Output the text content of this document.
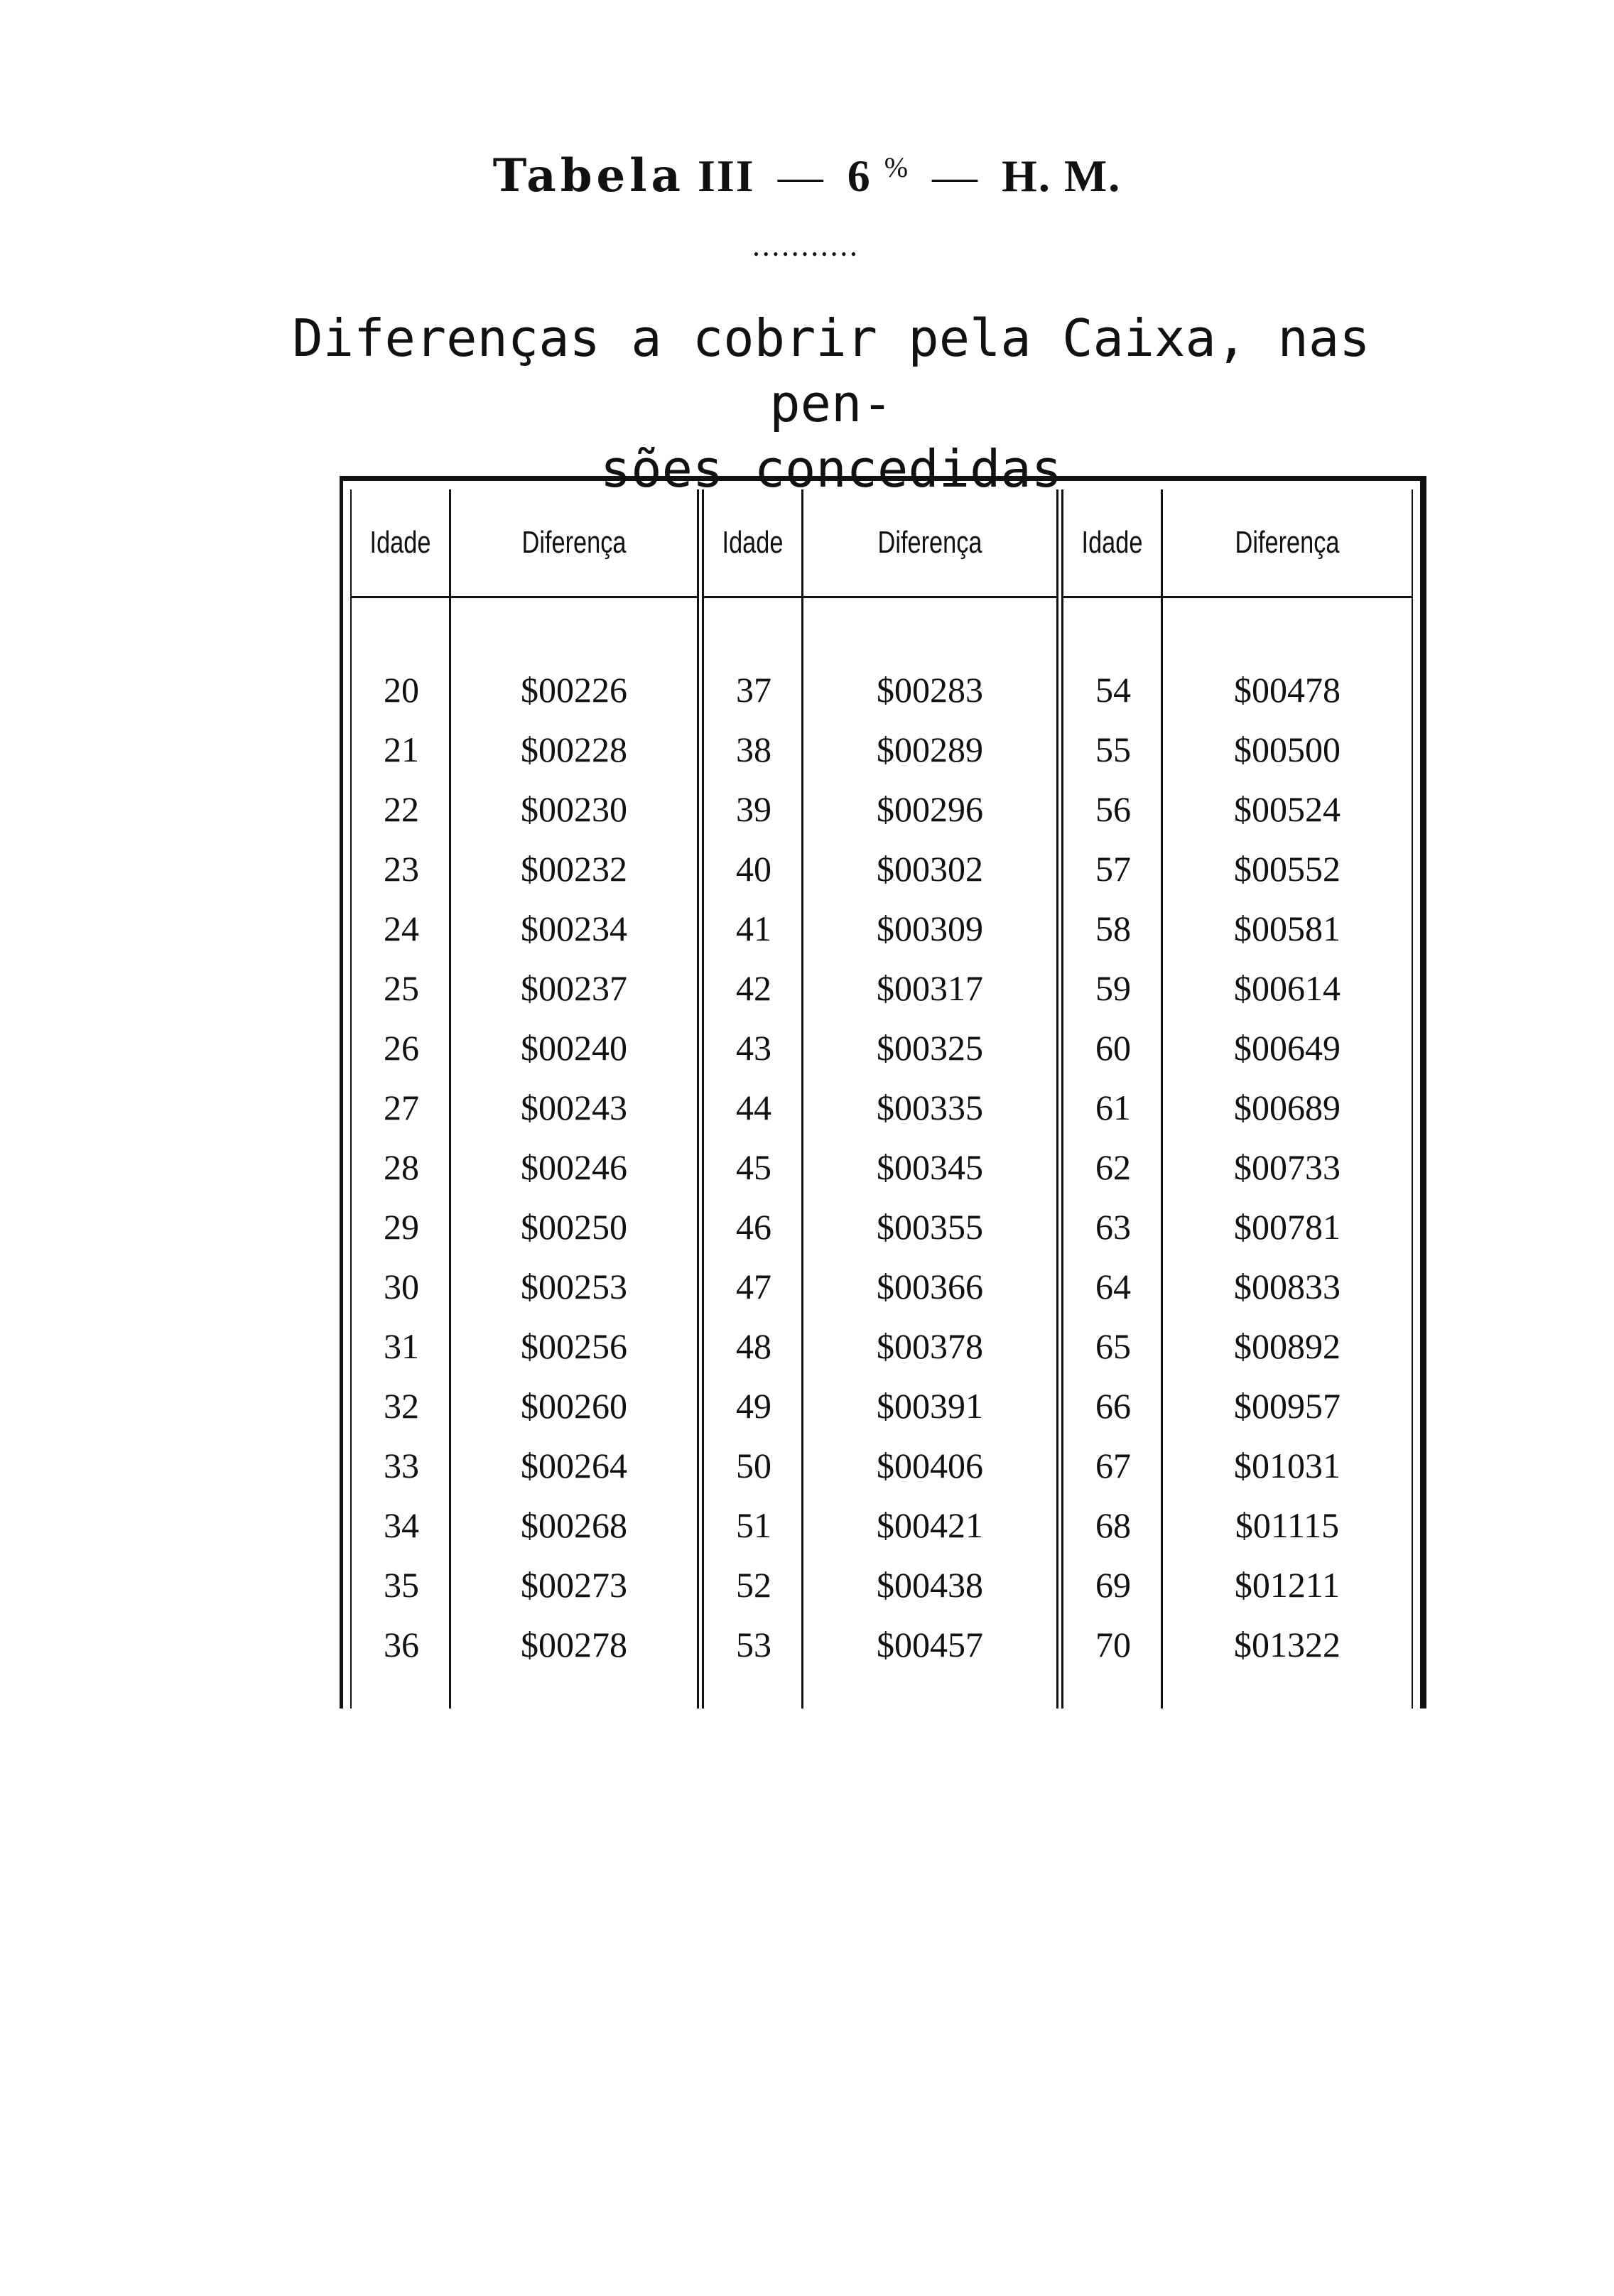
Tabela III — 6 % — H. M.
•••••••••••
Diferenças a cobrir pela Caixa, nas pen-
sões concedidas
Idade	Diferença
20	$00226
21	$00228
22	$00230
23	$00232
24	$00234
25	$00237
26	$00240
27	$00243
28	$00246
29	$00250
30	$00253
31	$00256
32	$00260
33	$00264
34	$00268
35	$00273
36	$00278
Idade	Diferença
37	$00283
38	$00289
39	$00296
40	$00302
41	$00309
42	$00317
43	$00325
44	$00335
45	$00345
46	$00355
47	$00366
48	$00378
49	$00391
50	$00406
51	$00421
52	$00438
53	$00457
Idade	Diferença
54	$00478
55	$00500
56	$00524
57	$00552
58	$00581
59	$00614
60	$00649
61	$00689
62	$00733
63	$00781
64	$00833
65	$00892
66	$00957
67	$01031
68	$01115
69	$01211
70	$01322
